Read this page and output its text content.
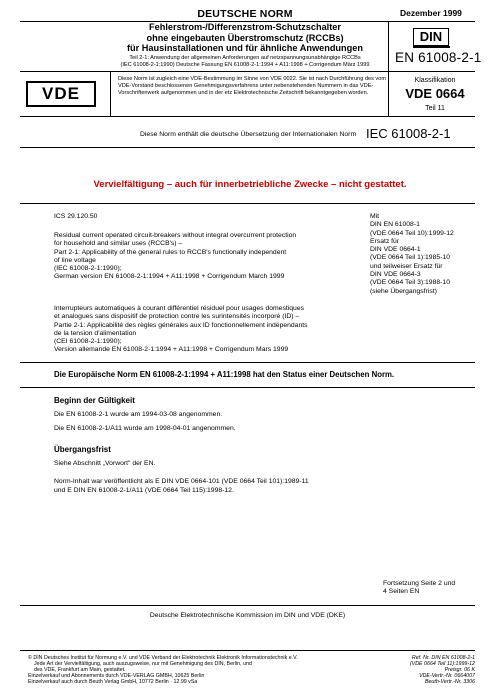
DEUTSCHE NORM	Dezember 1999
Fehlerstrom-/Differenzstrom-Schutzschalter
ohne eingebauten Überstromschutz (RCCBs)
für Hausinstallationen und für ähnliche Anwendungen
Teil 2-1: Anwendung der allgemeinen Anforderungen auf netzspannungsunabhängige RCCBs
(IEC 61008-2-1:1990) Deutsche Fassung EN 61008-2-1:1994 + A11:1998 + Corrigendum März 1999
DIN
EN 61008-2-1
VDE
Diese Norm ist zugleich eine VDE-Bestimmung im Sinne von VDE 0022. Sie ist nach Durchführung des vom VDE-Vorstand beschlossenen Genehmigungsverfahrens unter nebenstehenden Nummern in das VDE-Vorschriftenwerk aufgenommen und in der etz Elektrotechnische Zeitschrift bekanntgegeben worden.
Klassifikation
VDE 0664
Teil 11
Diese Norm enthält die deutsche Übersetzung der Internationalen Norm IEC 61008-2-1
Vervielfältigung – auch für innerbetriebliche Zwecke – nicht gestattet.
ICS 29.120.50
Residual current operated circuit-breakers without integral overcurrent protection
for household and similar uses (RCCB's) –
Part 2-1: Applicability of the general rules to RCCB's functionally independent
of line voltage
(IEC 61008-2-1:1990);
German version EN 61008-2-1:1994 + A11:1998 + Corrigendum March 1999
Interrupteurs automatiques à courant différentiel résiduel pour usages domestiques
et analogues sans dispositif de protection contre les surintensités incorporé (ID) –
Partie 2-1: Applicabilité des règles générales aux ID fonctionnellement indépendants
de la tension d'alimentation
(CEI 61008-2-1:1990);
Version allemande EN 61008-2-1:1994 + A11:1998 + Corrigendum Mars 1999
Mit
DIN EN 61008-1
(VDE 0664 Teil 10):1999-12
Ersatz für
DIN VDE 0664-1
(VDE 0664 Teil 1):1985-10
und teilweiser Ersatz für
DIN VDE 0664-3
(VDE 0664 Teil 3):1988-10
(siehe Übergangsfrist)
Die Europäische Norm EN 61008-2-1:1994 + A11:1998 hat den Status einer Deutschen Norm.
Beginn der Gültigkeit
Die EN 61008-2-1 wurde am 1994-03-08 angenommen.
Die EN 61008-2-1/A11 wurde am 1998-04-01 angenommen.
Übergangsfrist
Siehe Abschnitt „Vorwort" der EN.
Norm-Inhalt war veröffentlicht als E DIN VDE 0664-101 (VDE 0664 Teil 101):1989-11
und E DIN EN 61008-2-1/A11 (VDE 0664 Teil 115):1998-12.
Fortsetzung Seite 2 und
4 Seiten EN
Deutsche Elektrotechnische Kommission im DIN und VDE (DKE)
© DIN Deutsches Institut für Normung e.V. und VDE Verband der Elektrotechnik Elektronik Informationstechnik e.V.
Jede Art der Vervielfältigung, auch auszugsweise, nur mit Genehmigung des DIN, Berlin, und
des VDE, Frankfurt am Main, gestattet.
Einzelverkauf und Abonnements durch VDE-VERLAG GMBH, 10625 Berlin
Einzelverkauf auch durch Beuth Verlag GmbH, 10772 Berlin · 12.99 vSa
Ref. Nr. DIN EN 61008-2-1
(VDE 0664 Teil 11):1999-12
Preisgr. 06 K
VDE-Vertr.-Nr. 0664007
Beuth-Vertr.-Nr. 3306
